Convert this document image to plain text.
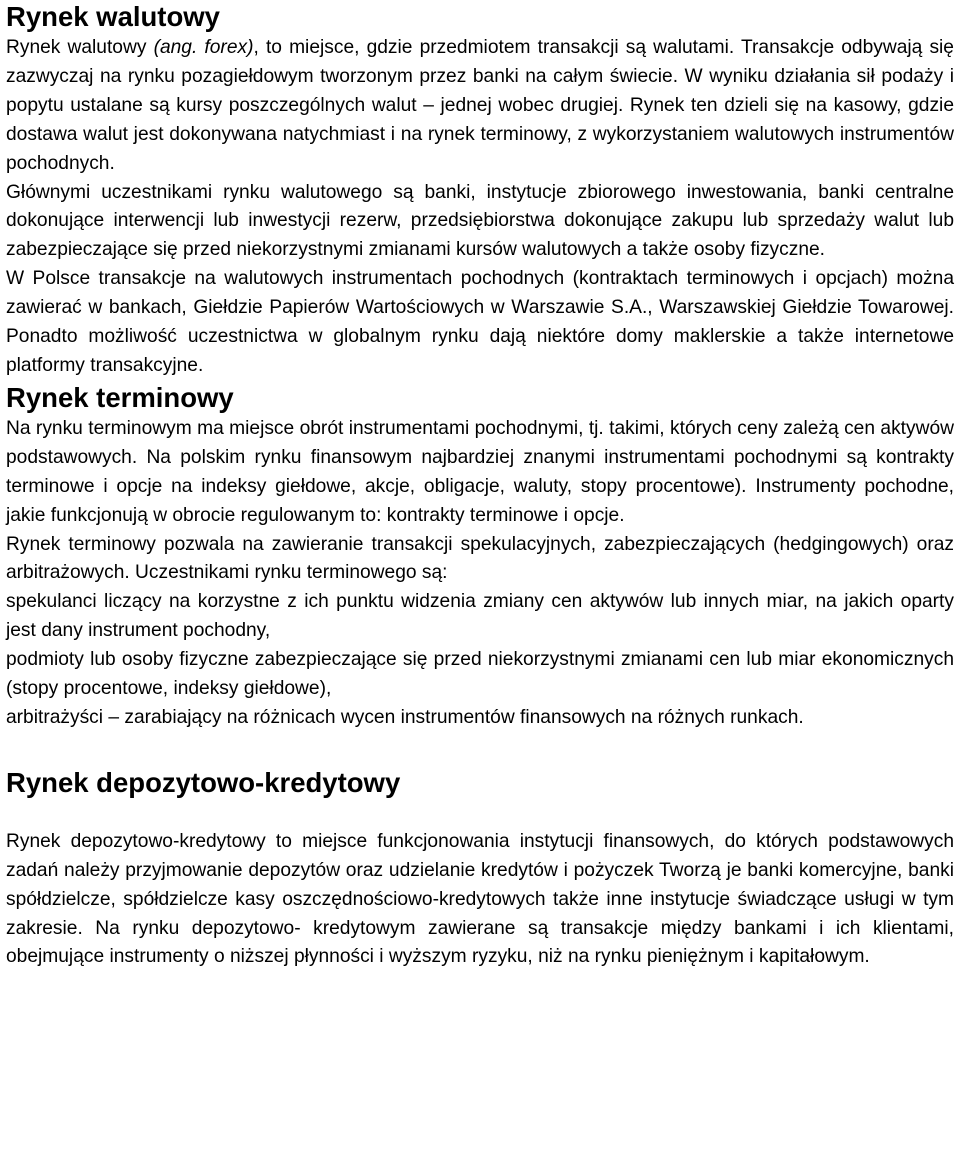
Rynek walutowy

Rynek walutowy (ang. forex), to miejsce, gdzie przedmiotem transakcji są walutami. Transakcje odbywają się zazwyczaj na rynku pozagiełdowym tworzonym przez banki na całym świecie. W wyniku działania sił podaży i popytu ustalane są kursy poszczególnych walut – jednej wobec drugiej. Rynek ten dzieli się na kasowy, gdzie dostawa walut jest dokonywana natychmiast i na rynek terminowy, z wykorzystaniem walutowych instrumentów pochodnych.

Głównymi uczestnikami rynku walutowego są banki, instytucje zbiorowego inwestowania, banki centralne dokonujące interwencji lub inwestycji rezerw, przedsiębiorstwa dokonujące zakupu lub sprzedaży walut lub zabezpieczające się przed niekorzystnymi zmianami kursów walutowych a także osoby fizyczne.

W Polsce transakcje na walutowych instrumentach pochodnych (kontraktach terminowych i opcjach) można zawierać w bankach, Giełdzie Papierów Wartościowych w Warszawie S.A., Warszawskiej Giełdzie Towarowej. Ponadto możliwość uczestnictwa w globalnym rynku dają niektóre domy maklerskie a także internetowe platformy transakcyjne.

Rynek terminowy

Na rynku terminowym ma miejsce obrót instrumentami pochodnymi, tj. takimi, których ceny zależą cen aktywów podstawowych. Na polskim rynku finansowym najbardziej znanymi instrumentami pochodnymi są kontrakty terminowe i opcje na indeksy giełdowe, akcje, obligacje, waluty, stopy procentowe). Instrumenty pochodne, jakie funkcjonują w obrocie regulowanym to: kontrakty terminowe i opcje.

Rynek terminowy pozwala na zawieranie transakcji spekulacyjnych, zabezpieczających (hedgingowych) oraz arbitrażowych. Uczestnikami rynku terminowego są:

spekulanci liczący na korzystne z ich punktu widzenia zmiany cen aktywów lub innych miar, na jakich oparty jest dany instrument pochodny,

podmioty lub osoby fizyczne zabezpieczające się przed niekorzystnymi zmianami cen lub miar ekonomicznych (stopy procentowe, indeksy giełdowe),

arbitrażyści – zarabiający na różnicach wycen instrumentów finansowych na różnych runkach.

Rynek depozytowo-kredytowy

Rynek depozytowo-kredytowy to miejsce funkcjonowania instytucji finansowych, do których podstawowych zadań należy przyjmowanie depozytów oraz udzielanie kredytów i pożyczek Tworzą je banki komercyjne, banki spółdzielcze, spółdzielcze kasy oszczędnościowo-kredytowych także inne instytucje świadczące usługi w tym zakresie. Na rynku depozytowo- kredytowym zawierane są transakcje między bankami i ich klientami, obejmujące instrumenty o niższej płynności i wyższym ryzyku, niż na rynku pieniężnym i kapitałowym.
